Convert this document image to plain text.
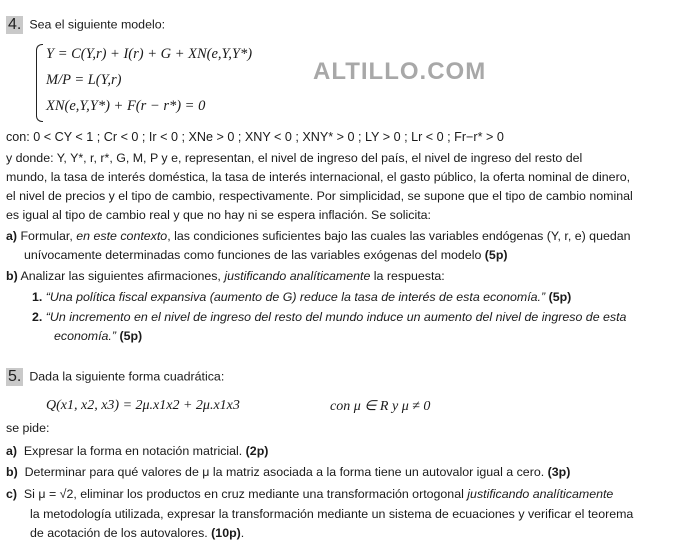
ALTILLO.COM
4. Sea el siguiente modelo:
Y = C(Y,r) + I(r) + G + XN(e,Y,Y*)
M/P = L(Y,r)
XN(e,Y,Y*) + F(r − r*) = 0
con: 0 < CY < 1 ; Cr < 0 ; Ir < 0 ; XNe > 0 ; XNY < 0 ; XNY* > 0 ; LY > 0 ; Lr < 0 ; Fr−r* > 0
y donde: Y, Y*, r, r*, G, M, P y e, representan, el nivel de ingreso del país, el nivel de ingreso del resto del
mundo, la tasa de interés doméstica, la tasa de interés internacional, el gasto público, la oferta nominal de dinero,
el nivel de precios y el tipo de cambio, respectivamente. Por simplicidad, se supone que el tipo de cambio nominal
es igual al tipo de cambio real y que no hay ni se espera inflación. Se solicita:
a) Formular, en este contexto, las condiciones suficientes bajo las cuales las variables endógenas (Y, r, e) quedan
unívocamente determinadas como funciones de las variables exógenas del modelo (5p)
b) Analizar las siguientes afirmaciones, justificando analíticamente la respuesta:
1. “Una política fiscal expansiva (aumento de G) reduce la tasa de interés de esta economía.” (5p)
2. “Un incremento en el nivel de ingreso del resto del mundo induce un aumento del nivel de ingreso de esta
economía.” (5p)
5. Dada la siguiente forma cuadrática:
Q(x1, x2, x3) = 2μ.x1x2 + 2μ.x1x3	con μ ∈ R y μ ≠ 0
se pide:
a) Expresar la forma en notación matricial. (2p)
b) Determinar para qué valores de μ la matriz asociada a la forma tiene un autovalor igual a cero. (3p)
c) Si μ = √2, eliminar los productos en cruz mediante una transformación ortogonal justificando analíticamente
la metodología utilizada, expresar la transformación mediante un sistema de ecuaciones y verificar el teorema
de acotación de los autovalores. (10p).
